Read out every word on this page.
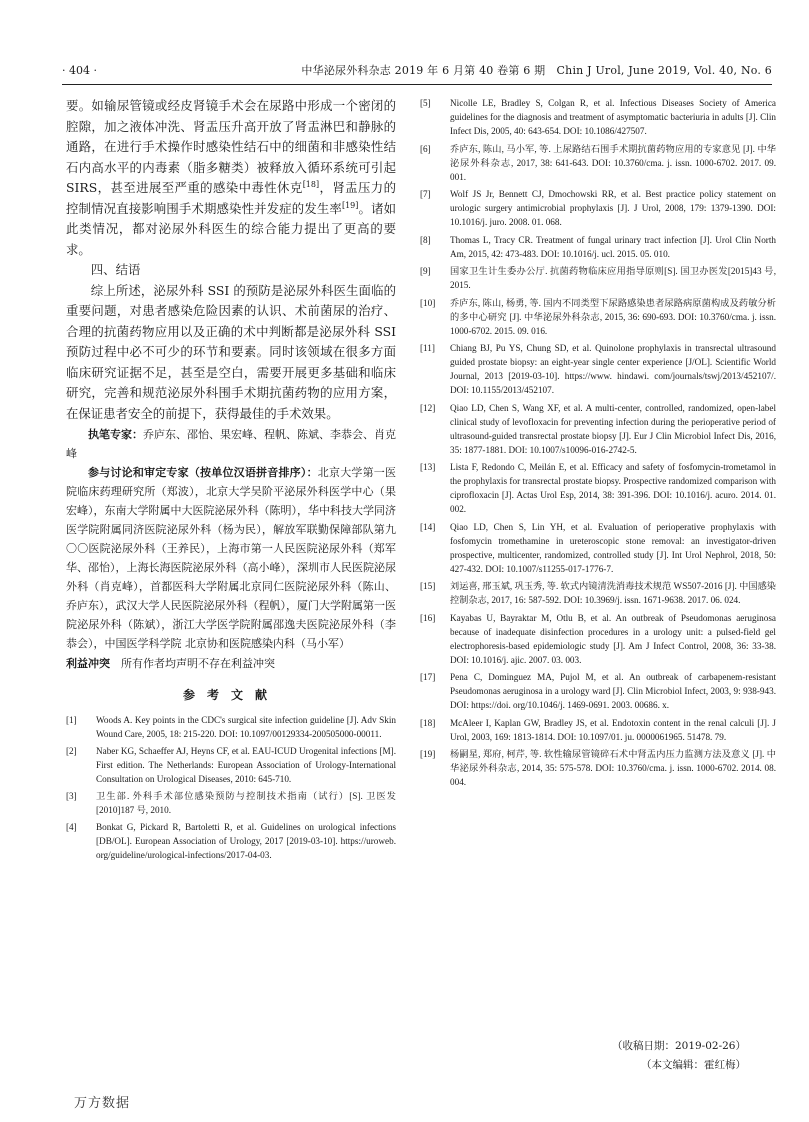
· 404 ·	中华泌尿外科杂志 2019 年 6 月第 40 卷第 6 期　Chin J Urol, June 2019, Vol. 40, No. 6

要。如输尿管镜或经皮肾镜手术会在尿路中形成一个密闭的腔隙，加之液体冲洗、肾盂压升高开放了肾盂淋巴和静脉的通路，在进行手术操作时感染性结石中的细菌和非感染性结石内高水平的内毒素（脂多糖类）被释放入循环系统可引起 SIRS，甚至进展至严重的感染中毒性休克[18]，肾盂压力的控制情况直接影响围手术期感染性并发症的发生率[19]。诸如此类情况，都对泌尿外科医生的综合能力提出了更高的要求。

四、结语

综上所述，泌尿外科 SSI 的预防是泌尿外科医生面临的重要问题，对患者感染危险因素的认识、术前菌尿的治疗、合理的抗菌药物应用以及正确的术中判断都是泌尿外科 SSI 预防过程中必不可少的环节和要素。同时该领域在很多方面临床研究证据不足，甚至是空白，需要开展更多基础和临床研究，完善和规范泌尿外科围手术期抗菌药物的应用方案，在保证患者安全的前提下，获得最佳的手术效果。

执笔专家：乔庐东、邵怡、果宏峰、程帆、陈斌、李恭会、肖克峰

参与讨论和审定专家（按单位汉语拼音排序）：北京大学第一医院临床药理研究所（郑波），北京大学吴阶平泌尿外科医学中心（果宏峰），东南大学附属中大医院泌尿外科（陈明），华中科技大学同济医学院附属同济医院泌尿外科（杨为民），解放军联勤保障部队第九〇〇医院泌尿外科（王养民），上海市第一人民医院泌尿外科（郑军华、邵怡），上海长海医院泌尿外科（高小峰），深圳市人民医院泌尿外科（肖克峰），首都医科大学附属北京同仁医院泌尿外科（陈山、乔庐东），武汉大学人民医院泌尿外科（程帆），厦门大学附属第一医院泌尿外科（陈斌），浙江大学医学院附属邵逸夫医院泌尿外科（李恭会），中国医学科学院 北京协和医院感染内科（马小军）

利益冲突　 所有作者均声明不存在利益冲突

参考文献
[1] Woods A. Key points in the CDC's surgical site infection guideline [J]. Adv Skin Wound Care, 2005, 18: 215-220. DOI: 10.1097/00129334-200505000-00011.
[2] Naber KG, Schaeffer AJ, Heyns CF, et al. EAU-ICUD Urogenital infections [M]. First edition. The Netherlands: European Association of Urology-International Consultation on Urological Diseases, 2010: 645-710.
[3] 卫生部. 外科手术部位感染预防与控制技术指南（试行）[S]. 卫医发[2010]187 号, 2010.
[4] Bonkat G, Pickard R, Bartoletti R, et al. Guidelines on urological infections [DB/OL]. European Association of Urology, 2017 [2019-03-10]. https://uroweb. org/guideline/urological-infections/2017-04-03.
[5] Nicolle LE, Bradley S, Colgan R, et al. Infectious Diseases Society of America guidelines for the diagnosis and treatment of asymptomatic bacteriuria in adults [J]. Clin Infect Dis, 2005, 40: 643-654. DOI: 10.1086/427507.
[6] 乔庐东, 陈山, 马小军, 等. 上尿路结石围手术期抗菌药物应用的专家意见 [J]. 中华泌尿外科杂志, 2017, 38: 641-643. DOI: 10.3760/cma. j. issn. 1000-6702. 2017. 09. 001.
[7] Wolf JS Jr, Bennett CJ, Dmochowski RR, et al. Best practice policy statement on urologic surgery antimicrobial prophylaxis [J]. J Urol, 2008, 179: 1379-1390. DOI: 10.1016/j. juro. 2008. 01. 068.
[8] Thomas L, Tracy CR. Treatment of fungal urinary tract infection [J]. Urol Clin North Am, 2015, 42: 473-483. DOI: 10.1016/j. ucl. 2015. 05. 010.
[9] 国家卫生计生委办公厅. 抗菌药物临床应用指导原则[S]. 国卫办医发[2015]43 号, 2015.
[10] 乔庐东, 陈山, 杨勇, 等. 国内不同类型下尿路感染患者尿路病原菌构成及药敏分析的多中心研究 [J]. 中华泌尿外科杂志, 2015, 36: 690-693. DOI: 10.3760/cma. j. issn. 1000-6702. 2015. 09. 016.
[11] Chiang BJ, Pu YS, Chung SD, et al. Quinolone prophylaxis in transrectal ultrasound guided prostate biopsy: an eight-year single center experience [J/OL]. Scientific World Journal, 2013 [2019-03-10]. https://www. hindawi. com/journals/tswj/2013/452107/. DOI: 10.1155/2013/452107.
[12] Qiao LD, Chen S, Wang XF, et al. A multi-center, controlled, randomized, open-label clinical study of levofloxacin for preventing infection during the perioperative period of ultrasound-guided transrectal prostate biopsy [J]. Eur J Clin Microbiol Infect Dis, 2016, 35: 1877-1881. DOI: 10.1007/s10096-016-2742-5.
[13] Lista F, Redondo C, Meilán E, et al. Efficacy and safety of fosfomycin-trometamol in the prophylaxis for transrectal prostate biopsy. Prospective randomized comparison with ciprofloxacin [J]. Actas Urol Esp, 2014, 38: 391-396. DOI: 10.1016/j. acuro. 2014. 01. 002.
[14] Qiao LD, Chen S, Lin YH, et al. Evaluation of perioperative prophylaxis with fosfomycin tromethamine in ureteroscopic stone removal: an investigator-driven prospective, multicenter, randomized, controlled study [J]. Int Urol Nephrol, 2018, 50: 427-432. DOI: 10.1007/s11255-017-1776-7.
[15] 刘运喜, 邢玉斌, 巩玉秀, 等. 软式内镜清洗消毒技术规范 WS507-2016 [J]. 中国感染控制杂志, 2017, 16: 587-592. DOI: 10.3969/j. issn. 1671-9638. 2017. 06. 024.
[16] Kayabas U, Bayraktar M, Otlu B, et al. An outbreak of Pseudomonas aeruginosa because of inadequate disinfection procedures in a urology unit: a pulsed-field gel electrophoresis-based epidemiologic study [J]. Am J Infect Control, 2008, 36: 33-38. DOI: 10.1016/j. ajic. 2007. 03. 003.
[17] Pena C, Dominguez MA, Pujol M, et al. An outbreak of carbapenem-resistant Pseudomonas aeruginosa in a urology ward [J]. Clin Microbiol Infect, 2003, 9: 938-943. DOI: https://doi. org/10.1046/j. 1469-0691. 2003. 00686. x.
[18] McAleer I, Kaplan GW, Bradley JS, et al. Endotoxin content in the renal calculi [J]. J Urol, 2003, 169: 1813-1814. DOI: 10.1097/01. ju. 0000061965. 51478. 79.
[19] 杨嗣星, 郑府, 柯芹, 等. 软性输尿管镜碎石术中肾盂内压力监测方法及意义 [J]. 中华泌尿外科杂志, 2014, 35: 575-578. DOI: 10.3760/cma. j. issn. 1000-6702. 2014. 08. 004.
（收稿日期：2019-02-26）
（本文编辑：霍红梅）
万方数据
